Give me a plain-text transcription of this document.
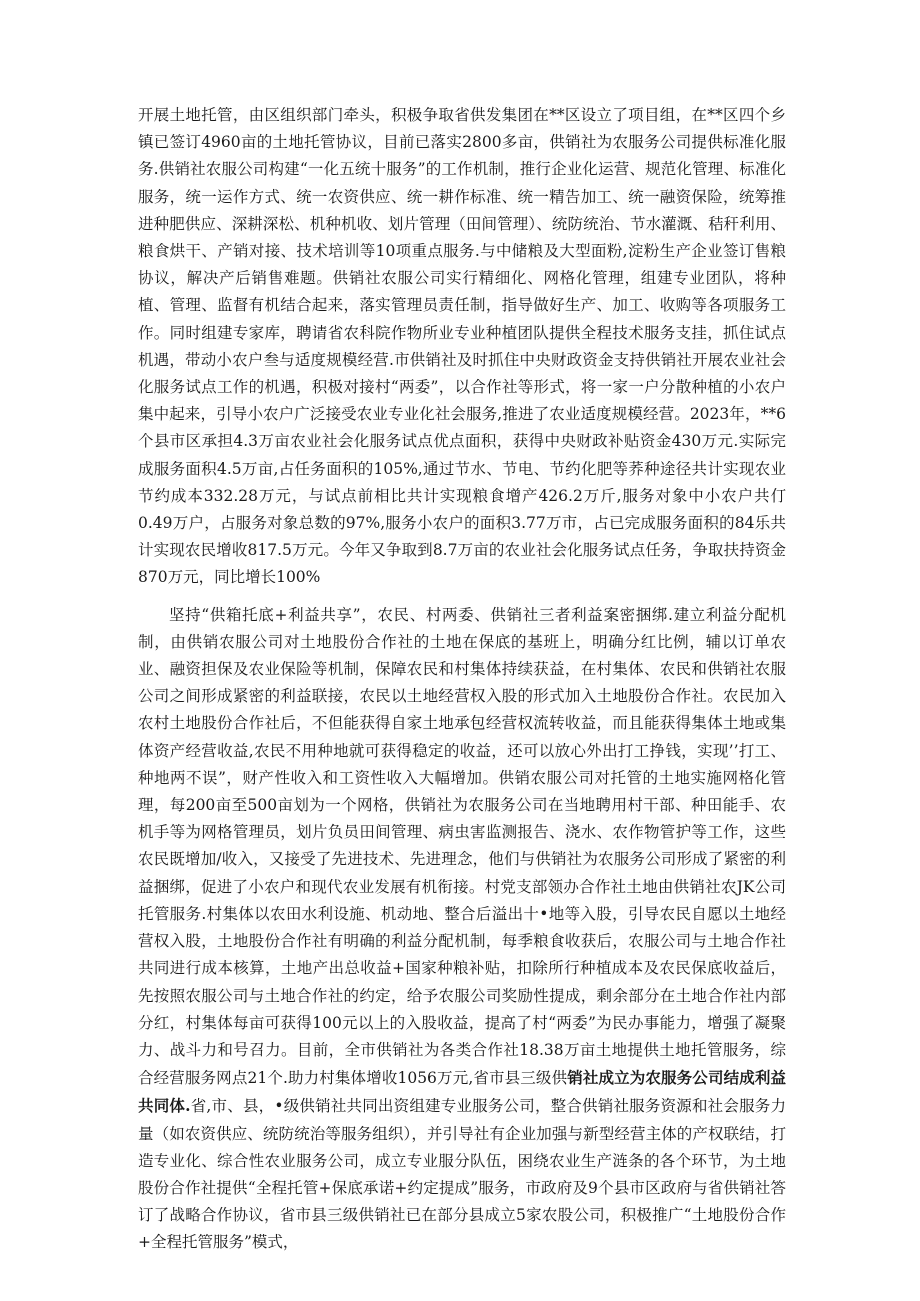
开展土地托管，由区组织部门牵头，积极争取省供发集团在**区设立了项目组，在**区四个乡镇已签订4960亩的土地托管协议，目前已落实2800多亩，供销社为农服务公司提供标准化服务.供销社农服公司构建“一化五统十服务”的工作机制，推行企业化运营、规范化管理、标准化服务，统一运作方式、统一农资供应、统一耕作标准、统一精告加工、统一融资保险，统筹推进种肥供应、深耕深松、机种机收、划片管理（田间管理）、统防统治、节水灌溉、秸秆利用、粮食烘干、产销对接、技术培训等10项重点服务.与中储粮及大型面粉,淀粉生产企业签订售粮协议，解决产后销售难题。供销社农服公司实行精细化、网格化管理，组建专业团队，将种植、管理、监督有机结合起来，落实管理员责任制，指导做好生产、加工、收购等各项服务工作。同时组建专家库，聘请省农科院作物所业专业种植团队提供全程技术服务支挂，抓住试点机遇，带动小农户叁与适度规模经营.市供销社及时抓住中央财政资金支持供销社开展农业社会化服务试点工作的机遇，积极对接村“两委”，以合作社等形式，将一家一户分散种植的小农户集中起来，引导小农户广泛接受农业专业化社会服务,推进了农业适度规模经营。2023年，**6个县市区承担4.3万亩农业社会化服务试点优点面积，获得中央财政补贴资金430万元.实际完成服务面积4.5万亩,占任务面积的105%,通过节水、节电、节约化肥等荞种途径共计实现农业节约成本332.28万元，与试点前相比共计实现粮食增产426.2万斤,服务对象中小农户共仃0.49万户，占服务对象总数的97%,服务小农户的面积3.77万市，占已完成服务面积的84乐共计实现农民增收817.5万元。今年又争取到8.7万亩的农业社会化服务试点任务，争取扶持资金870万元，同比增长100%

坚持“供箱托底+利益共享”，农民、村两委、供销社三者利益案密捆绑.建立利益分配机制，由供销农服公司对土地股份合作社的土地在保底的基班上，明确分红比例，辅以订单农业、融资担保及农业保险等机制，保障农民和村集体持续获益，在村集体、农民和供销社农服公司之间形成紧密的利益联接，农民以土地经营权入股的形式加入土地股份合作社。农民加入农村土地股份合作社后，不但能获得自家土地承包经营权流转收益，而且能获得集体土地或集体资产经营收益,农民不用种地就可获得稳定的收益，还可以放心外出打工挣钱，实现’’打工、种地两不误”，财产性收入和工资性收入大幅增加。供销农服公司对托管的土地实施网格化管理，每200亩至500亩划为一个网格，供销社为农服务公司在当地聘用村干部、种田能手、农机手等为网格管理员，划片负员田间管理、病虫害监测报告、浇水、农作物管护等工作，这些农民既增加/收入，又接受了先进技术、先进理念，他们与供销社为农服务公司形成了紧密的利益捆绑，促进了小农户和现代农业发展有机衔接。村党支部领办合作社土地由供销社农JK公司托管服务.村集体以农田水利设施、机动地、整合后溢出十•地等入股，引导农民自愿以土地经营权入股，土地股份合作社有明确的利益分配机制，每季粮食收获后，农服公司与土地合作社共同进行成本核算，土地产出总收益+国家种粮补贴，扣除所行种植成本及农民保底收益后，先按照农服公司与土地合作社的约定，给予农服公司奖励性提成，剩余部分在土地合作社内部分红，村集体每亩可获得100元以上的入股收益，提高了村“两委”为民办事能力，增强了凝聚力、战斗力和号召力。目前，全市供销社为各类合作社18.38万亩土地提供土地托管服务，综合经营服务网点21个.助力村集体增收1056万元,省市县三级供销社成立为农服务公司结成利益共同体.省,市、县，•级供销社共同出资组建专业服务公司，整合供销社服务资源和社会服务力量（如农资供应、统防统治等服务组织），并引导社有企业加强与新型经营主体的产权联结，打造专业化、综合性农业服务公司，成立专业服分队伍，困绕农业生产涟条的各个环节，为土地股份合作社提供“全程托管+保底承诺+约定提成”服务，市政府及9个县市区政府与省供销社答订了战略合作协议，省市县三级供销社已在部分县成立5家农股公司，积极推广“土地股份合作+全程托管服务”模式，
